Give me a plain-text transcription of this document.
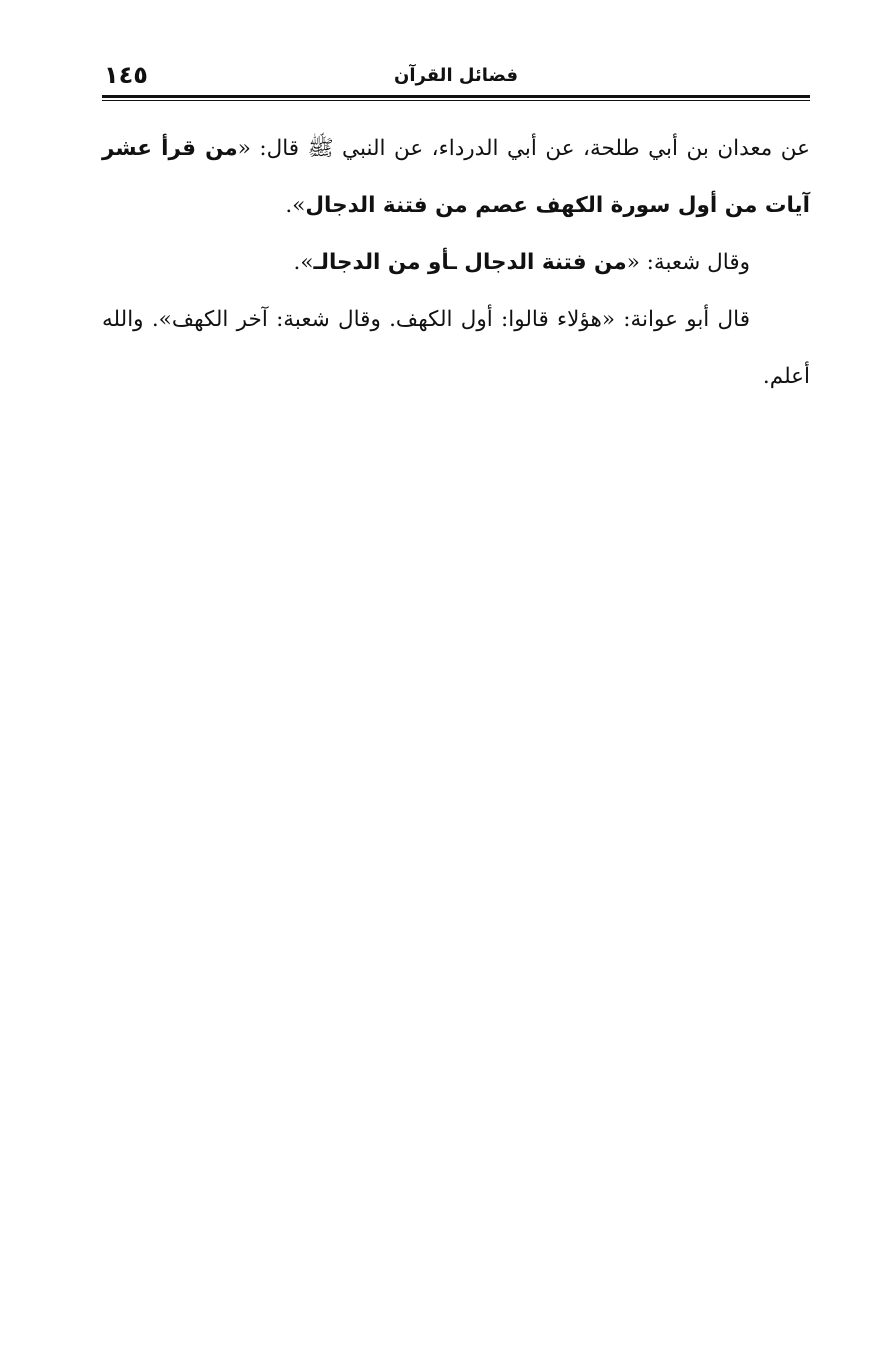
١٤٥	فضائل القرآن

عن معدان بن أبي طلحة، عن أبي الدرداء، عن النبي ﷺ قال: «من قرأ عشر آيات من أول سورة الكهف عصم من فتنة الدجال».

وقال شعبة: «من فتنة الدجال ـأو من الدجالـ».

قال أبو عوانة: «هؤلاء قالوا: أول الكهف. وقال شعبة: آخر الكهف». والله أعلم.
